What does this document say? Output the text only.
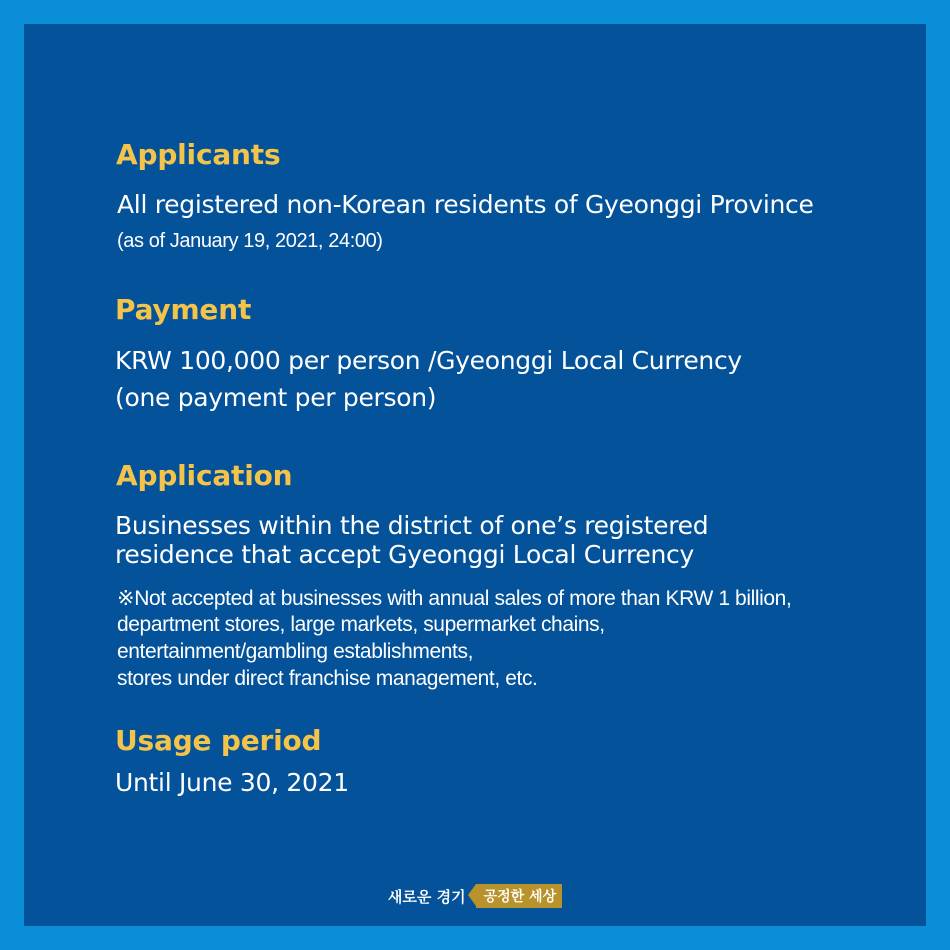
Applicants
All registered non-Korean residents of Gyeonggi Province
(as of January 19, 2021, 24:00)
Payment
KRW 100,000 per person /Gyeonggi Local Currency
(one payment per person)
Application
Businesses within the district of one’s registered
residence that accept Gyeonggi Local Currency
※Not accepted at businesses with annual sales of more than KRW 1 billion,
department stores, large markets, supermarket chains,
entertainment/gambling establishments,
stores under direct franchise management, etc.
Usage period
Until June 30, 2021
새로운 경기	공정한 세상
